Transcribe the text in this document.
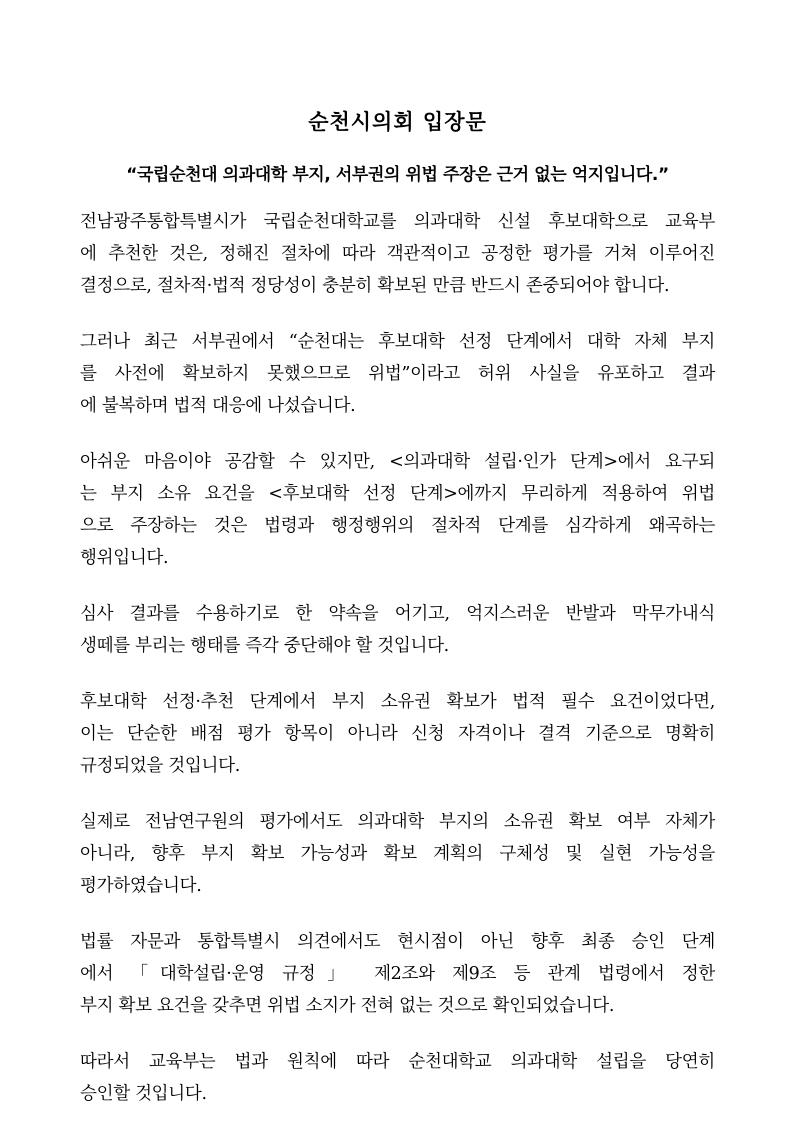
순천시의회 입장문

“국립순천대 의과대학 부지, 서부권의 위법 주장은 근거 없는 억지입니다.”

전남광주통합특별시가 국립순천대학교를 의과대학 신설 후보대학으로 교육부
에 추천한 것은, 정해진 절차에 따라 객관적이고 공정한 평가를 거쳐 이루어진
결정으로, 절차적·법적 정당성이 충분히 확보된 만큼 반드시 존중되어야 합니다.

그러나 최근 서부권에서 “순천대는 후보대학 선정 단계에서 대학 자체 부지
를 사전에 확보하지 못했으므로 위법”이라고 허위 사실을 유포하고 결과
에 불복하며 법적 대응에 나섰습니다.

아쉬운 마음이야 공감할 수 있지만, <의과대학 설립·인가 단계>에서 요구되
는 부지 소유 요건을 <후보대학 선정 단계>에까지 무리하게 적용하여 위법
으로 주장하는 것은 법령과 행정행위의 절차적 단계를 심각하게 왜곡하는
행위입니다.

심사 결과를 수용하기로 한 약속을 어기고, 억지스러운 반발과 막무가내식
생떼를 부리는 행태를 즉각 중단해야 할 것입니다.

후보대학 선정·추천 단계에서 부지 소유권 확보가 법적 필수 요건이었다면,
이는 단순한 배점 평가 항목이 아니라 신청 자격이나 결격 기준으로 명확히
규정되었을 것입니다.

실제로 전남연구원의 평가에서도 의과대학 부지의 소유권 확보 여부 자체가
아니라, 향후 부지 확보 가능성과 확보 계획의 구체성 및 실현 가능성을
평가하였습니다.

법률 자문과 통합특별시 의견에서도 현시점이 아닌 향후 최종 승인 단계
에서 「대학설립·운영 규정」 제2조와 제9조 등 관계 법령에서 정한
부지 확보 요건을 갖추면 위법 소지가 전혀 없는 것으로 확인되었습니다.

따라서 교육부는 법과 원칙에 따라 순천대학교 의과대학 설립을 당연히
승인할 것입니다.
